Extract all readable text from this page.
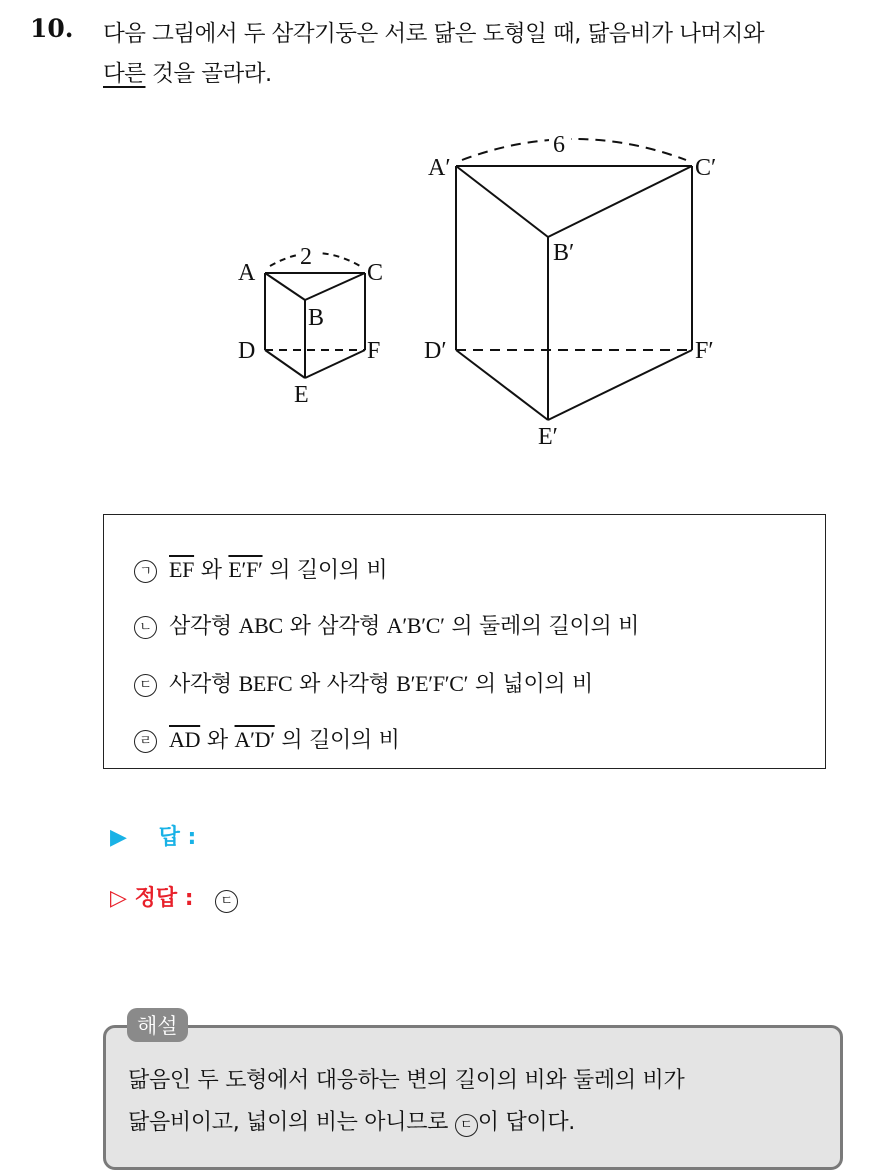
10. 다음 그림에서 두 삼각기둥은 서로 닮은 도형일 때, 닮음비가 나머지와
다른 것을 골라라.
2
A	C
B
D	F
E
6
A′	C′
B′
D′	F′
E′
ㄱ $\overline{EF}$ 와 E′F′ 의 길이의 비
ㄴ 삼각형 ABC 와 삼각형 A′B′C′ 의 둘레의 길이의 비
ㄷ 사각형 BEFC 와 사각형 B′E′F′C′ 의 넓이의 비
ㄹ $\overline{AD}$ 와 A′D′ 의 길이의 비
▶ 답 :
▷ 정답 : ㄷ
해설
닮음인 두 도형에서 대응하는 변의 길이의 비와 둘레의 비가
닮음비이고, 넓이의 비는 아니므로 ㄷ 이 답이다.
